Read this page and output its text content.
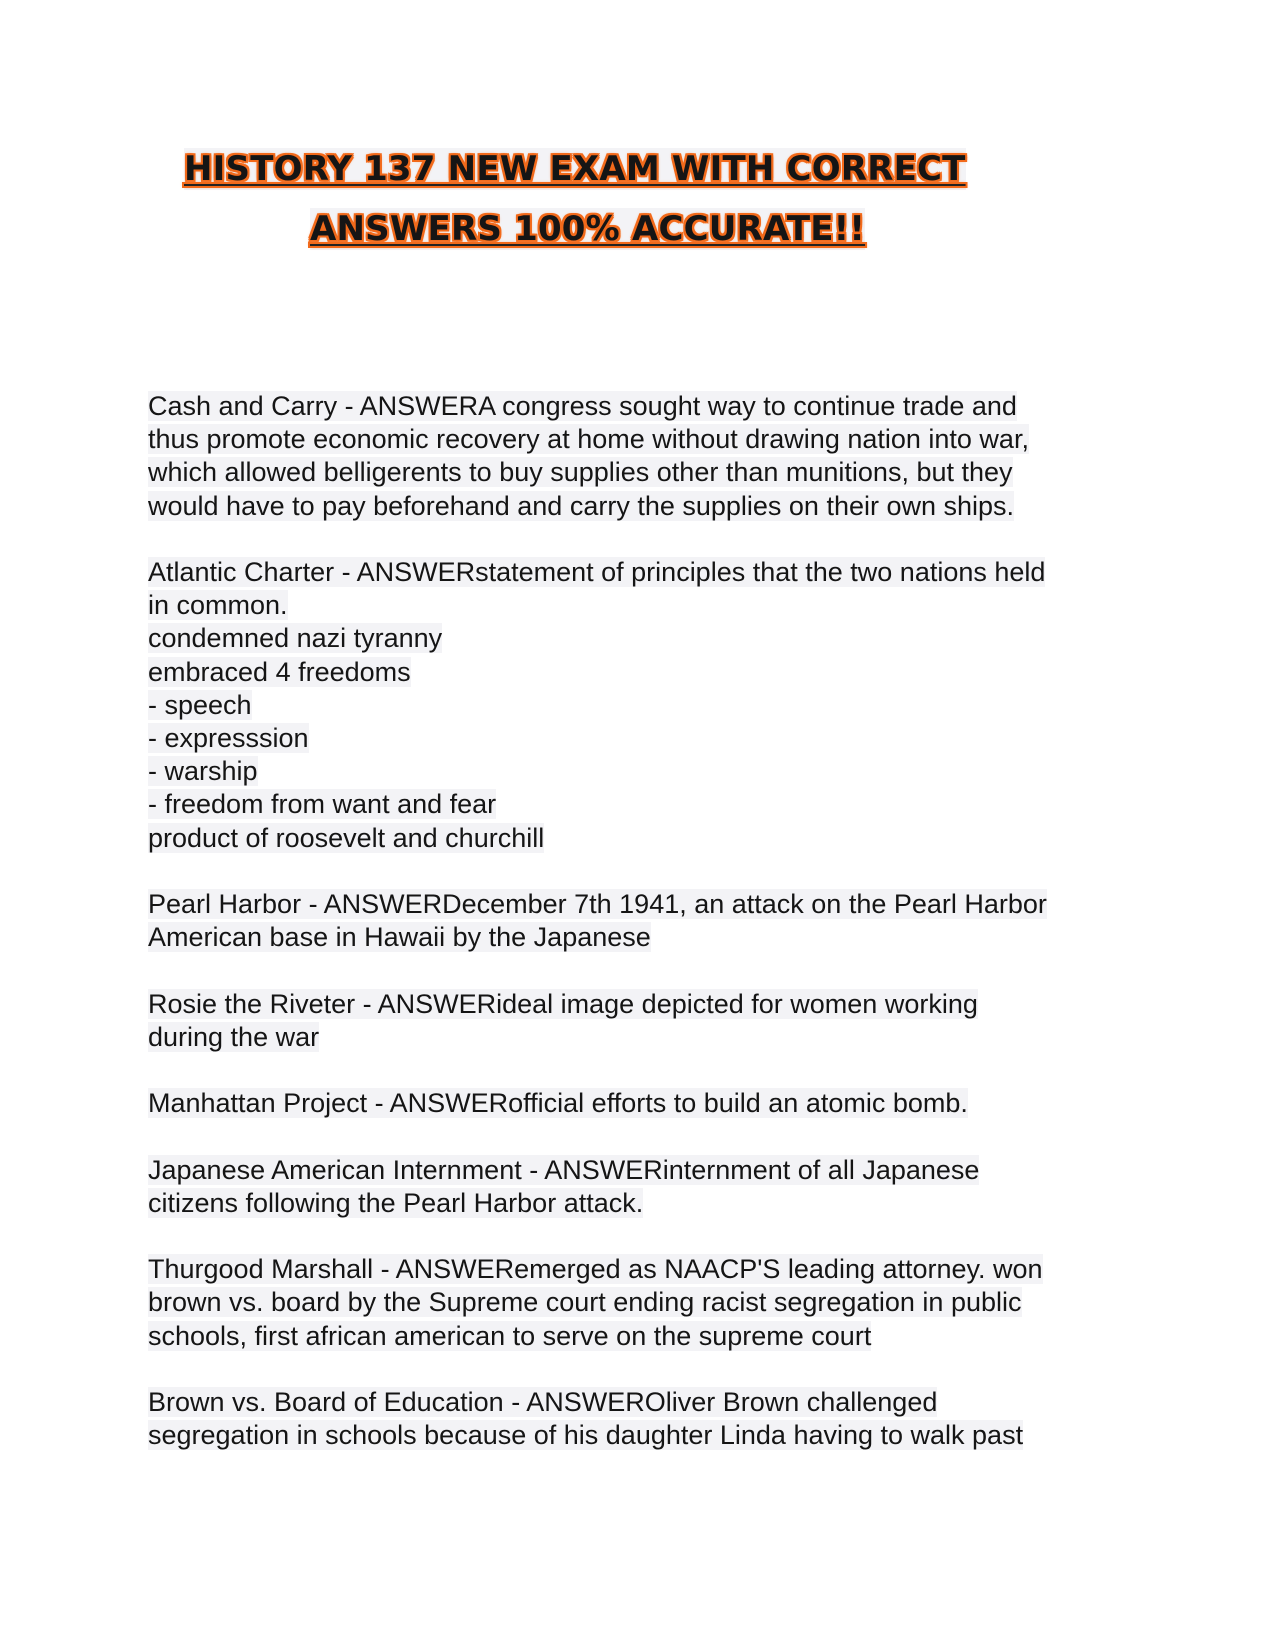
HISTORY 137 NEW EXAM WITH CORRECT
ANSWERS 100% ACCURATE!!
Cash and Carry - ANSWERA congress sought way to continue trade and
thus promote economic recovery at home without drawing nation into war,
which allowed belligerents to buy supplies other than munitions, but they
would have to pay beforehand and carry the supplies on their own ships.
Atlantic Charter - ANSWERstatement of principles that the two nations held
in common.
condemned nazi tyranny
embraced 4 freedoms
- speech
- expresssion
- warship
- freedom from want and fear
product of roosevelt and churchill
Pearl Harbor - ANSWERDecember 7th 1941, an attack on the Pearl Harbor
American base in Hawaii by the Japanese
Rosie the Riveter - ANSWERideal image depicted for women working
during the war
Manhattan Project - ANSWERofficial efforts to build an atomic bomb.
Japanese American Internment - ANSWERinternment of all Japanese
citizens following the Pearl Harbor attack.
Thurgood Marshall - ANSWERemerged as NAACP'S leading attorney. won
brown vs. board by the Supreme court ending racist segregation in public
schools, first african american to serve on the supreme court
Brown vs. Board of Education - ANSWEROliver Brown challenged
segregation in schools because of his daughter Linda having to walk past
